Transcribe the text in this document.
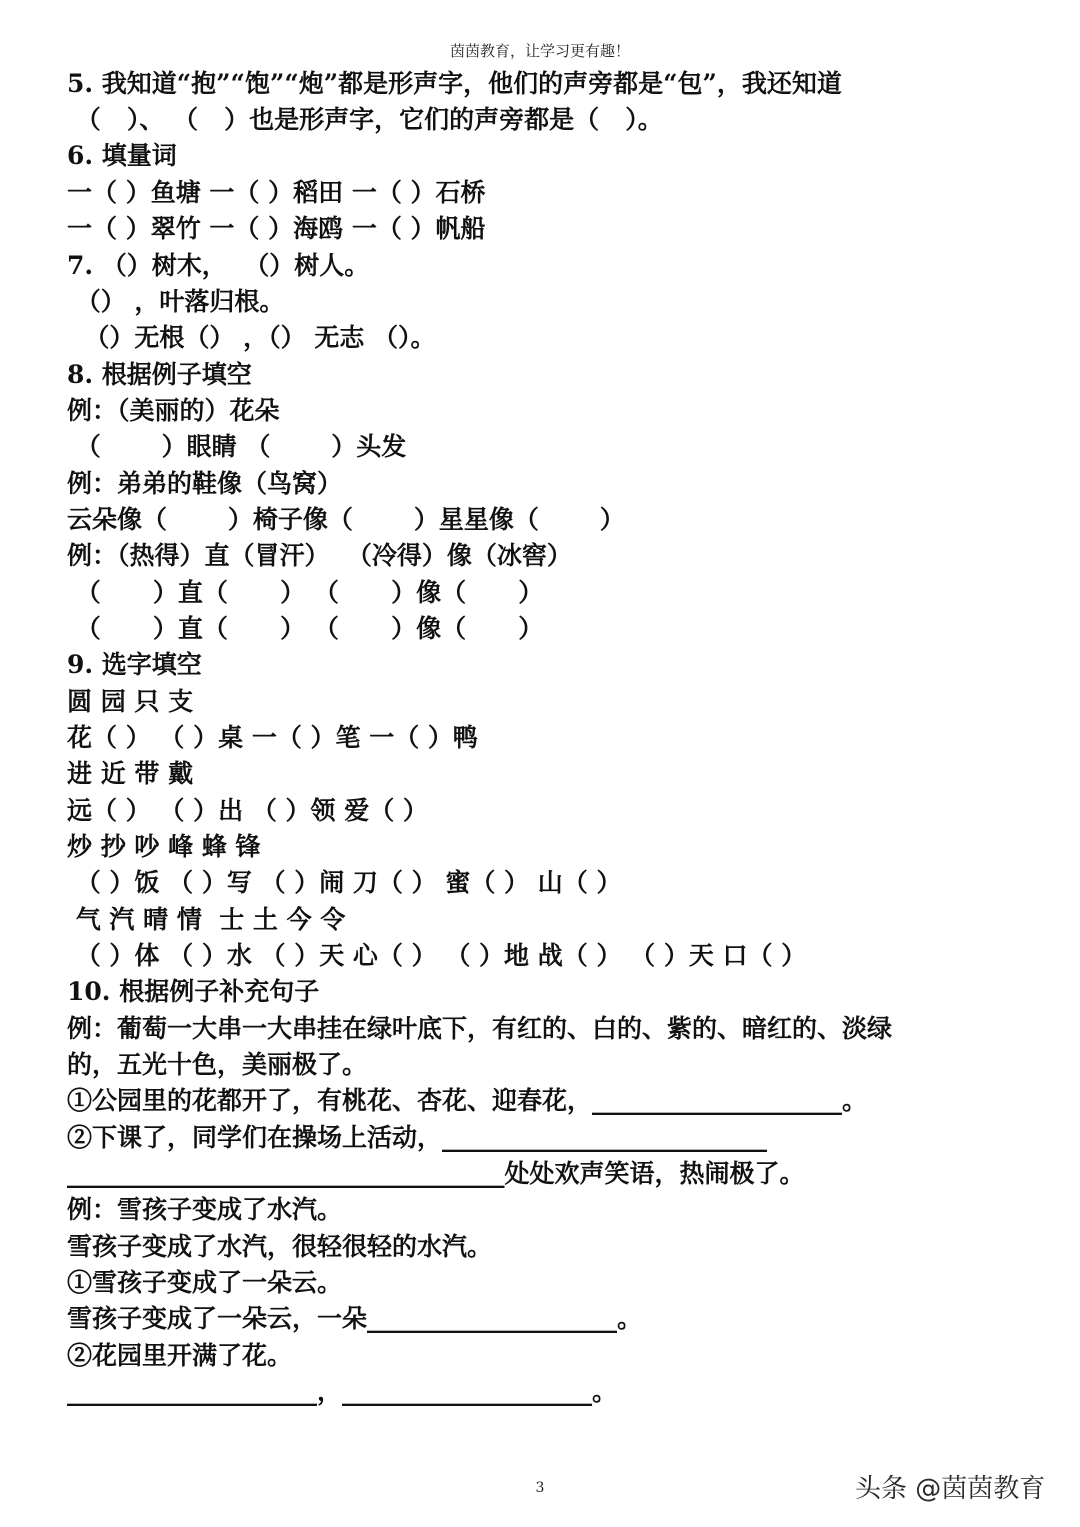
茵茵教育，让学习更有趣！
5. 我知道“抱”“饱”“炮”都是形声字，他们的声旁都是“包”，我还知道
（   ）、 （   ）也是形声字，它们的声旁都是（   ）。
6. 填量词
一（ ）鱼塘 一（ ）稻田 一（ ）石桥
一（ ）翠竹 一（ ）海鸥 一（ ）帆船
7. （）树木，  （）树人。
（） ，叶落归根。
（）无根（） ，（） 无志 （）。
8. 根据例子填空
例：（美丽的）花朵
（       ）眼睛 （       ）头发
例：弟弟的鞋像（鸟窝）
云朵像（       ）椅子像（       ）星星像（       ）
例：（热得）直（冒汗）  （冷得）像（冰窖）
（      ）直（      ） （      ）像（      ）
（      ）直（      ） （      ）像（      ）
9. 选字填空
圆 园 只 支
花（ ） （ ）桌 一（ ）笔 一（ ）鸭
进 近 带 戴
远（ ） （ ）出 （ ）领 爱（ ）
炒 抄 吵 峰 蜂 锋
（ ）饭 （ ）写 （ ）闹 刀（ ） 蜜（ ） 山（ ）
气 汽 晴 情  士 土 今 令
（ ）体 （ ）水 （ ）天 心（ ） （ ）地 战（ ） （ ）天 口（ ）
10. 根据例子补充句子
例：葡萄一大串一大串挂在绿叶底下，有红的、白的、紫的、暗红的、淡绿
的，五光十色，美丽极了。
①公园里的花都开了，有桃花、杏花、迎春花，____________________。
②下课了，同学们在操场上活动，__________________________
___________________________________处处欢声笑语，热闹极了。
例：雪孩子变成了水汽。
雪孩子变成了水汽，很轻很轻的水汽。
①雪孩子变成了一朵云。
雪孩子变成了一朵云，一朵____________________。
②花园里开满了花。
____________________，____________________。
3	头条 @茵茵教育
